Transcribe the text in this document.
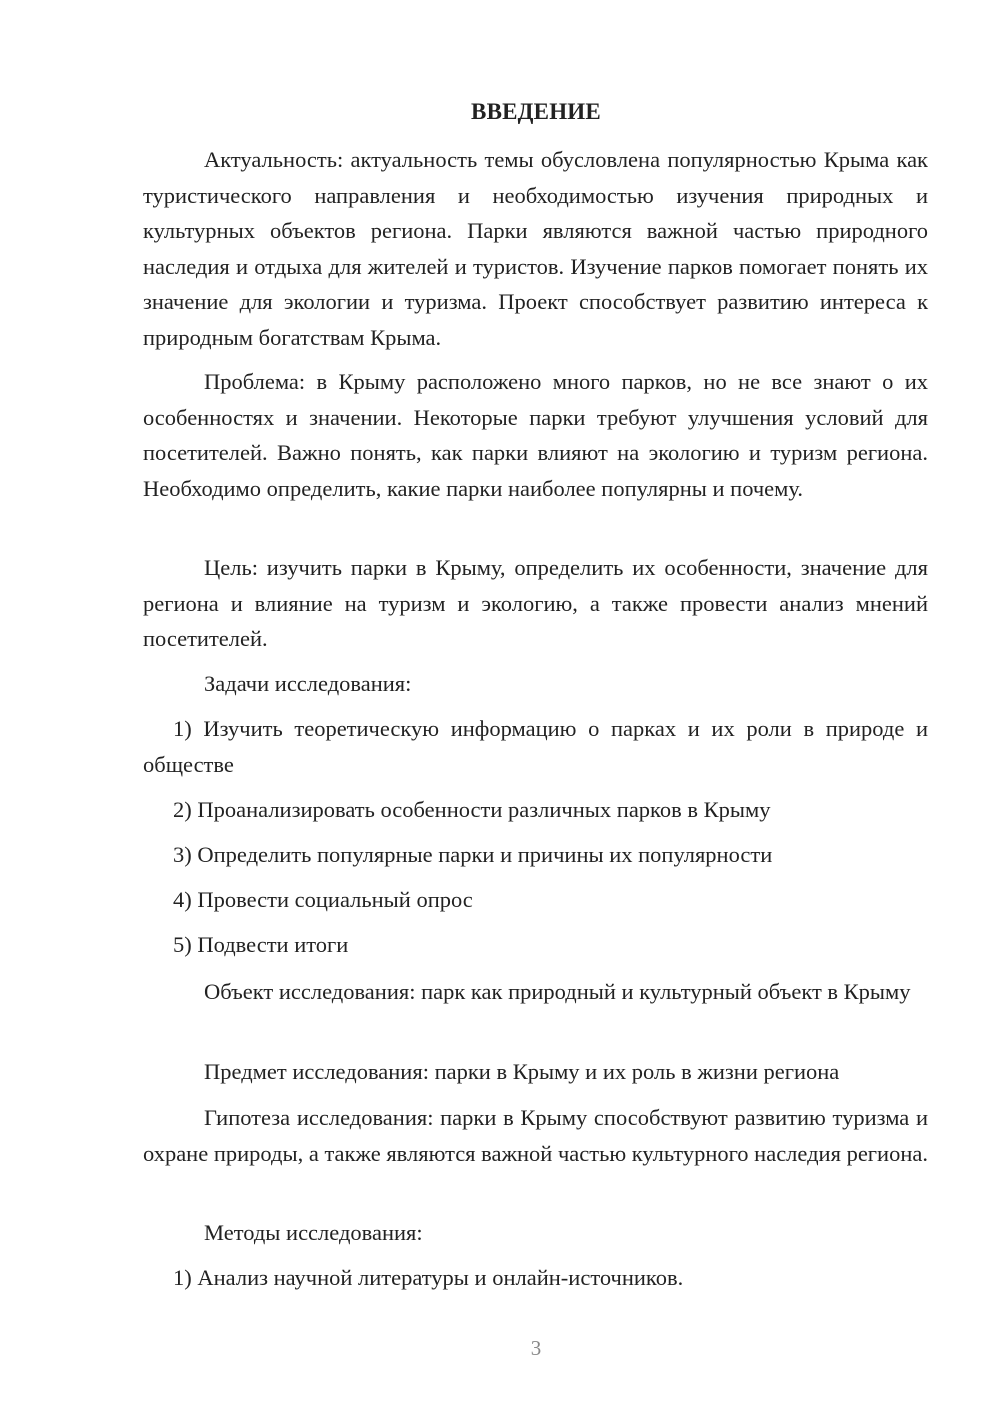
ВВЕДЕНИЕ

Актуальность: актуальность темы обусловлена популярностью Крыма как туристического направления и необходимостью изучения природных и культурных объектов региона. Парки являются важной частью природного наследия и отдыха для жителей и туристов. Изучение парков помогает понять их значение для экологии и туризма. Проект способствует развитию интереса к природным богатствам Крыма.

Проблема: в Крыму расположено много парков, но не все знают о их особенностях и значении. Некоторые парки требуют улучшения условий для посетителей. Важно понять, как парки влияют на экологию и туризм региона. Необходимо определить, какие парки наиболее популярны и почему.

Цель: изучить парки в Крыму, определить их особенности, значение для региона и влияние на туризм и экологию, а также провести анализ мнений посетителей.

Задачи исследования:

1) Изучить теоретическую информацию о парках и их роли в природе и обществе

2) Проанализировать особенности различных парков в Крыму

3) Определить популярные парки и причины их популярности

4) Провести социальный опрос

5) Подвести итоги

Объект исследования: парк как природный и культурный объект в Крыму

Предмет исследования: парки в Крыму и их роль в жизни региона

Гипотеза исследования: парки в Крыму способствуют развитию туризма и охране природы, а также являются важной частью культурного наследия региона.

Методы исследования:

1) Анализ научной литературы и онлайн-источников.

3
